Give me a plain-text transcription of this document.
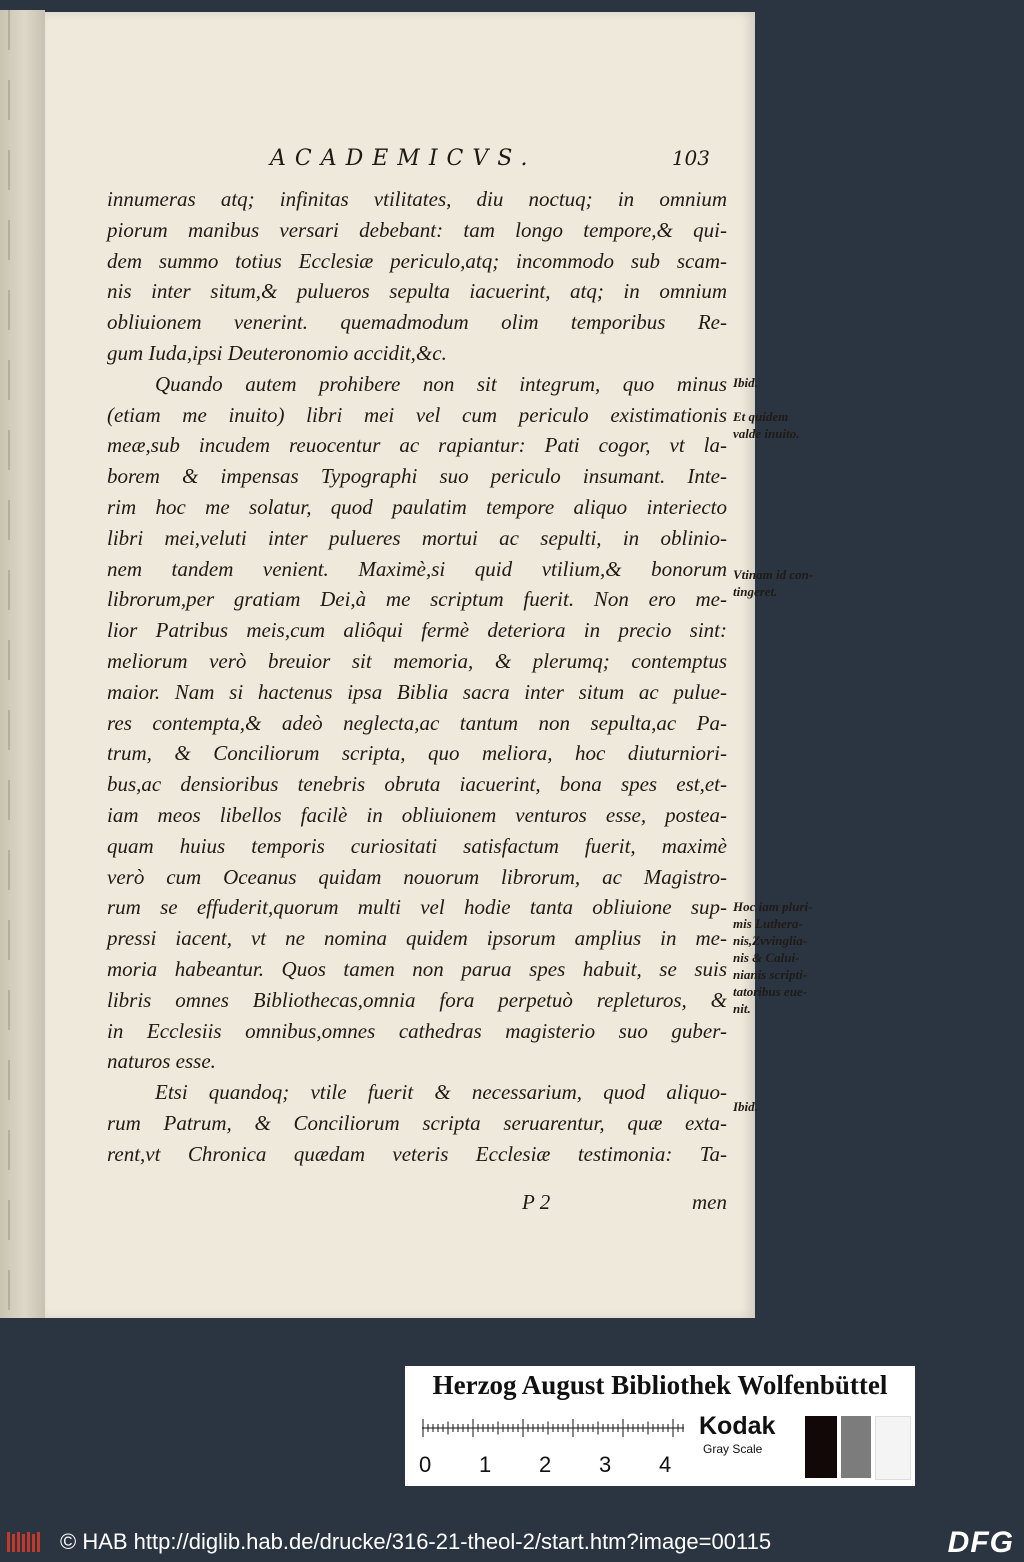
ACADEMICVS.	103
innumeras atq; infinitas vtilitates, diu noctuq; in omnium
piorum manibus versari debebant: tam longo tempore,& qui-
dem summo totius Ecclesiæ periculo,atq; incommodo sub scam-
nis inter situm,& pulueros sepulta iacuerint, atq; in omnium
obliuionem venerint. quemadmodum olim temporibus Re-
gum Iuda,ipsi Deuteronomio accidit,&c.
Quando autem prohibere non sit integrum, quo minus
(etiam me inuito) libri mei vel cum periculo existimationis
meæ,sub incudem reuocentur ac rapiantur: Pati cogor, vt la-
borem & impensas Typographi suo periculo insumant. Inte-
rim hoc me solatur, quod paulatim tempore aliquo interiecto
libri mei,veluti inter pulueres mortui ac sepulti, in oblinio-
nem tandem venient. Maximè,si quid vtilium,& bonorum
librorum,per gratiam Dei,à me scriptum fuerit. Non ero me-
lior Patribus meis,cum aliôqui fermè deteriora in precio sint:
meliorum verò breuior sit memoria, & plerumq; contemptus
maior. Nam si hactenus ipsa Biblia sacra inter situm ac pulue-
res contempta,& adeò neglecta,ac tantum non sepulta,ac Pa-
trum, & Conciliorum scripta, quo meliora, hoc diuturniori-
bus,ac densioribus tenebris obruta iacuerint, bona spes est,et-
iam meos libellos facilè in obliuionem venturos esse, postea-
quam huius temporis curiositati satisfactum fuerit, maximè
verò cum Oceanus quidam nouorum librorum, ac Magistro-
rum se effuderit,quorum multi vel hodie tanta obliuione sup-
pressi iacent, vt ne nomina quidem ipsorum amplius in me-
moria habeantur. Quos tamen non parua spes habuit, se suis
libris omnes Bibliothecas,omnia fora perpetuò repleturos, &
in Ecclesiis omnibus,omnes cathedras magisterio suo guber-
naturos esse.
Etsi quandoq; vtile fuerit & necessarium, quod aliquo-
rum Patrum, & Conciliorum scripta seruarentur, quæ exta-
rent,vt Chronica quædam veteris Ecclesiæ testimonia: Ta-
Ibid.
Et quidem
valde inuito.
Vtinam id con-
tingeret.
Hoc iam pluri-
mis Luthera-
nis,Zvvinglia-
nis & Calui-
nianis scripti-
tatoribus eue-
nit.
Ibid.
P 2	men
Herzog August Bibliothek Wolfenbüttel
0 1 2 3 4
Kodak
Gray Scale
© HAB http://diglib.hab.de/drucke/316-21-theol-2/start.htm?image=00115	DFG
